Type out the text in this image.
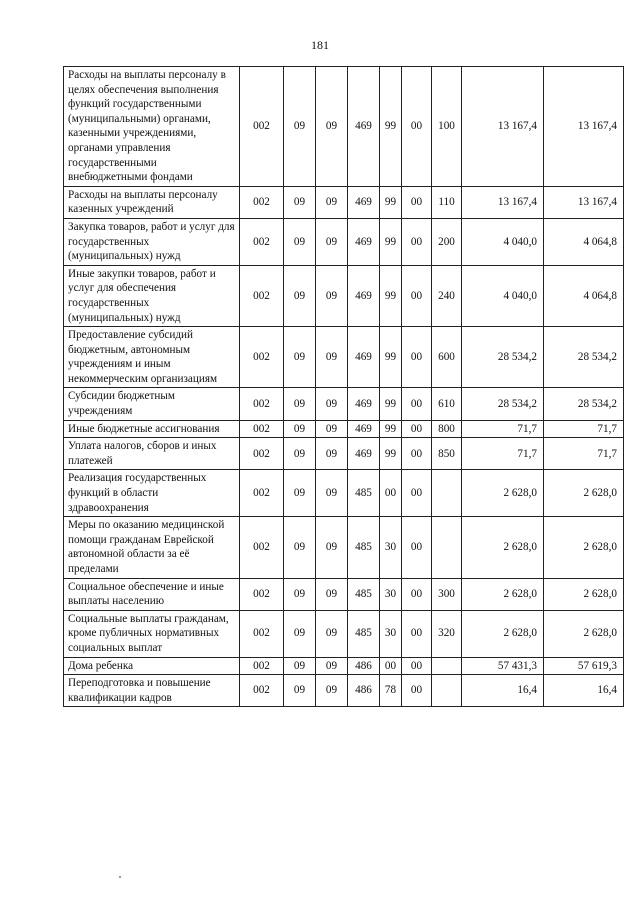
181
Расходы на выплаты персоналу в целях обеспечения выполнения функций государственными (муниципальными) органами, казенными учреждениями, органами управления государственными внебюджетными фондами	002	09	09	469	99	00	100	13 167,4	13 167,4
Расходы на выплаты персоналу казенных учреждений	002	09	09	469	99	00	110	13 167,4	13 167,4
Закупка товаров, работ и услуг для государственных (муниципальных) нужд	002	09	09	469	99	00	200	4 040,0	4 064,8
Иные закупки товаров, работ и услуг для обеспечения государственных (муниципальных) нужд	002	09	09	469	99	00	240	4 040,0	4 064,8
Предоставление субсидий бюджетным, автономным учреждениям и иным некоммерческим организациям	002	09	09	469	99	00	600	28 534,2	28 534,2
Субсидии бюджетным учреждениям	002	09	09	469	99	00	610	28 534,2	28 534,2
Иные бюджетные ассигнования	002	09	09	469	99	00	800	71,7	71,7
Уплата налогов, сборов и иных платежей	002	09	09	469	99	00	850	71,7	71,7
Реализация государственных функций в области здравоохранения	002	09	09	485	00	00		2 628,0	2 628,0
Меры по оказанию медицинской помощи гражданам Еврейской автономной области за её пределами	002	09	09	485	30	00		2 628,0	2 628,0
Социальное обеспечение и иные выплаты населению	002	09	09	485	30	00	300	2 628,0	2 628,0
Социальные выплаты гражданам, кроме публичных нормативных социальных выплат	002	09	09	485	30	00	320	2 628,0	2 628,0
Дома ребенка	002	09	09	486	00	00		57 431,3	57 619,3
Переподготовка и повышение квалификации кадров	002	09	09	486	78	00		16,4	16,4
